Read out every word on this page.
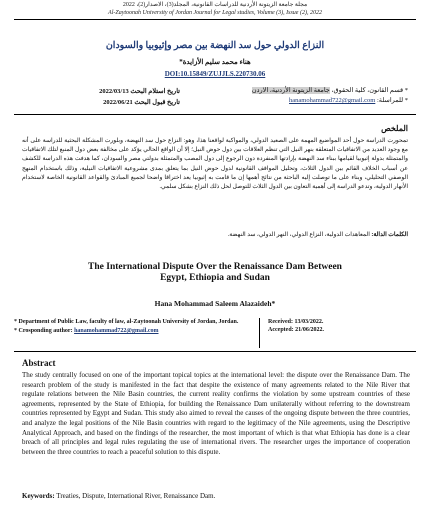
مجلة جامعة الزيتونة الأردنية للدراسات القانونية، المجلد(3)، الاصدار(2)، 2022
Al-Zaytoonah University of Jordan Journal for Legal studies, Volume (3), Issue (2), 2022
النزاع الدولي حول سد النهضة بين مصر وإثيوبيا والسودان
هناء محمد سليم الأزايدة*
DOI:10.15849/ZUJJLS.220730.06
* قسم القانون، كلية الحقوق، جامعة الزيتونة الأردنية، الاردن
* للمراسلة: hanamohammad722@gmail.com
تاريخ استلام البحث 2022/03/13
تاريخ قبول البحث 2022/06/21
الملخص
تمحورت الدراسة حول أحد المواضيع المهمة على الصعيد الدولي، والمواكبة لواقعنا هذا، وهو: النزاع حول سد النهضة، وبلورت المشكلة البحثية للدراسة على أنه مع وجود العديد من الاتفاقيات المتعلقة بنهر النيل التي تنظم العلاقات بين دول حوض النيل؛ إلا أن الواقع الحالي يؤكد على مخالفة بعض دول المنبع لتلك الاتفاقيات والمتمثلة بدولة إثيوبيا لقيامها ببناء سد النهضة بإرادتها المنفردة دون الرجوع إلى دول المصب والمتمثلة بدولتي مصر والسودان، كما هدفت هذه الدراسة للكشف عن أسباب الخلاف القائم بين الدول الثلاث، وتحليل المواقف القانونية لدول حوض النيل بما يتعلق بمدى مشروعية الاتفاقيات النيلية، وذلك باستخدام المنهج الوصفي التحليلي، وبناء على ما توصلت إليه الباحثة من نتائج أهمها إن ما قامت به إثيوبيا يعد اختراقا واضحا لجميع المبادئ والقواعد القانونية الخاصة لاستخدام الأنهار الدولية، وتدعو الدراسة إلى أهمية التعاون بين الدول الثلاث للتوصل لحل ذلك النزاع بشكل سلمي.
الكلمات الدالة: المعاهدات الدولية، النزاع الدولي، النهر الدولي، سد النهضة.
The International Dispute Over the Renaissance Dam Between
Egypt, Ethiopia and Sudan
Hana Mohammad Saleem Alazaideh*
* Department of Public Law, faculty of law, al-Zaytoonah University of Jordan, Jordan.
* Crosponding author: hanamohammad722@gmail.com
Received: 13/03/2022.
Accepted: 21/06/2022.
Abstract
The study centrally focused on one of the important topical topics at the international level: the dispute over the Renaissance Dam. The research problem of the study is manifested in the fact that despite the existence of many agreements related to the Nile River that regulate relations between the Nile Basin countries, the current reality confirms the violation by some upstream countries of these agreements, represented by the State of Ethiopia, for building the Renaissance Dam unilaterally without referring to the downstream countries represented by Egypt and Sudan. This study also aimed to reveal the causes of the ongoing dispute between the three countries, and analyze the legal positions of the Nile Basin countries with regard to the legitimacy of the Nile agreements, using the Descriptive Analytical Approach, and based on the findings of the researcher, the most important of which is that what Ethiopia has done is a clear breach of all principles and legal rules regulating the use of international rivers. The researcher urges the importance of cooperation between the three countries to reach a peaceful solution to this dispute.
Keywords: Treaties, Dispute, International River, Renaissance Dam.
